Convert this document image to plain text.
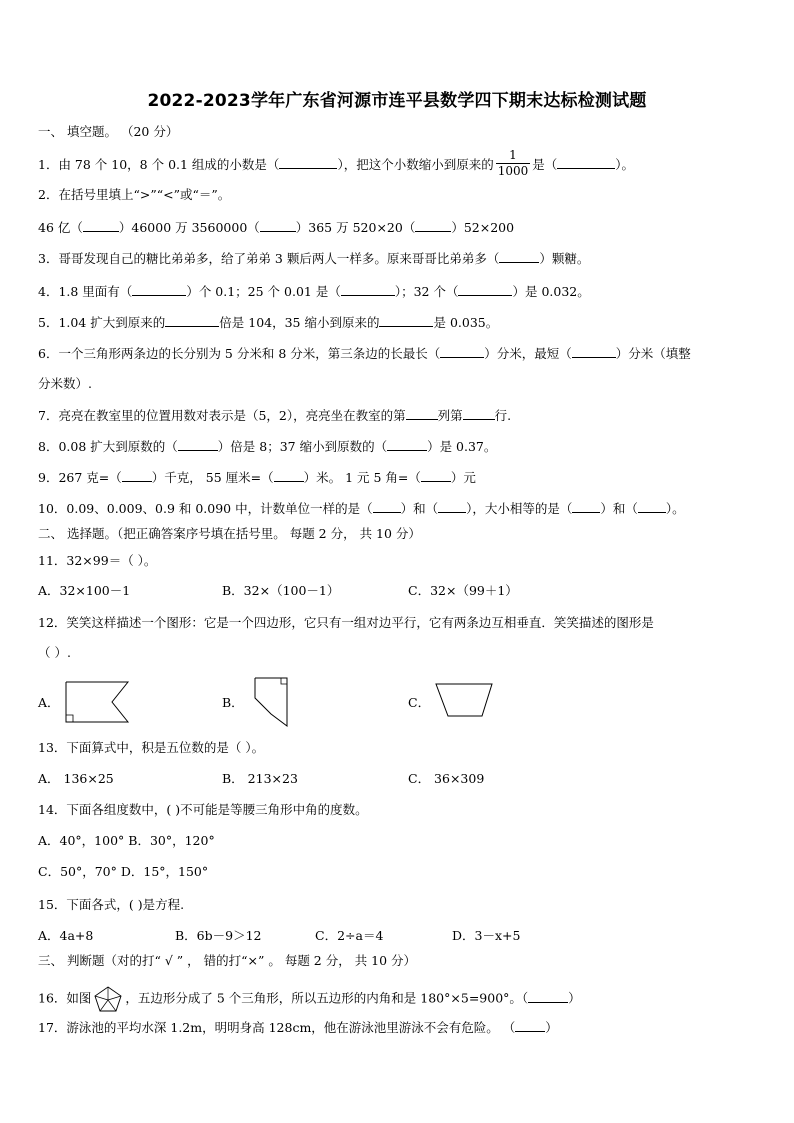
2022-2023学年广东省河源市连平县数学四下期末达标检测试题
一、 填空题。 （20 分）
1．由 78 个 10，8 个 0.1 组成的小数是（	），把这个小数缩小到原来的 $\frac{1}{1000}$ 是（	）。
2．在括号里填上“>”“<”或“＝”。
46 亿（	）46000 万 3560000（	）365 万 520×20（	）52×200
3．哥哥发现自己的糖比弟弟多，给了弟弟 3 颗后两人一样多。原来哥哥比弟弟多（	）颗糖。
4．1.8 里面有（	）个 0.1；25 个 0.01 是（	）；32 个（	）是 0.032。
5．1.04 扩大到原来的	倍是 104，35 缩小到原来的	是 0.035。
6．一个三角形两条边的长分别为 5 分米和 8 分米，第三条边的长最长（	）分米，最短（	）分米（填整
分米数）.
7．亮亮在教室里的位置用数对表示是（5，2），亮亮坐在教室的第	列第	行.
8．0.08 扩大到原数的（	）倍是 8；37 缩小到原数的（	）是 0.37。
9．267 克=（ ）千克， 55 厘米=（ ）米。 1 元 5 角=（ ）元
10．0.09、0.009、0.9 和 0.090 中，计数单位一样的是（ ）和（ ），大小相等的是（ ）和（ ）。
二、 选择题。（把正确答案序号填在括号里。 每题 2 分， 共 10 分）
11．32×99＝（ ）。
A．32×100－1	B．32×（100－1）	C．32×（99＋1）
12．笑笑这样描述一个图形：它是一个四边形，它只有一组对边平行，它有两条边互相垂直．笑笑描述的图形是
（ ）.
A．	B．	C．
13．下面算式中，积是五位数的是（ ）。
A． 136×25	B． 213×23	C． 36×309
14．下面各组度数中，( )不可能是等腰三角形中角的度数。
A．40°，100° B．30°，120°
C．50°，70° D．15°，150°
15．下面各式，( )是方程.
A．4a+8	B．6b－9＞12	C．2÷a＝4	D．3－x+5
三、 判断题（对的打“ √ ” ， 错的打“×” 。 每题 2 分， 共 10 分）
16．如图	，五边形分成了 5 个三角形，所以五边形的内角和是 180°×5=900°。（	）
17．游泳池的平均水深 1.2m，明明身高 128cm，他在游泳池里游泳不会有危险。 （ ）
